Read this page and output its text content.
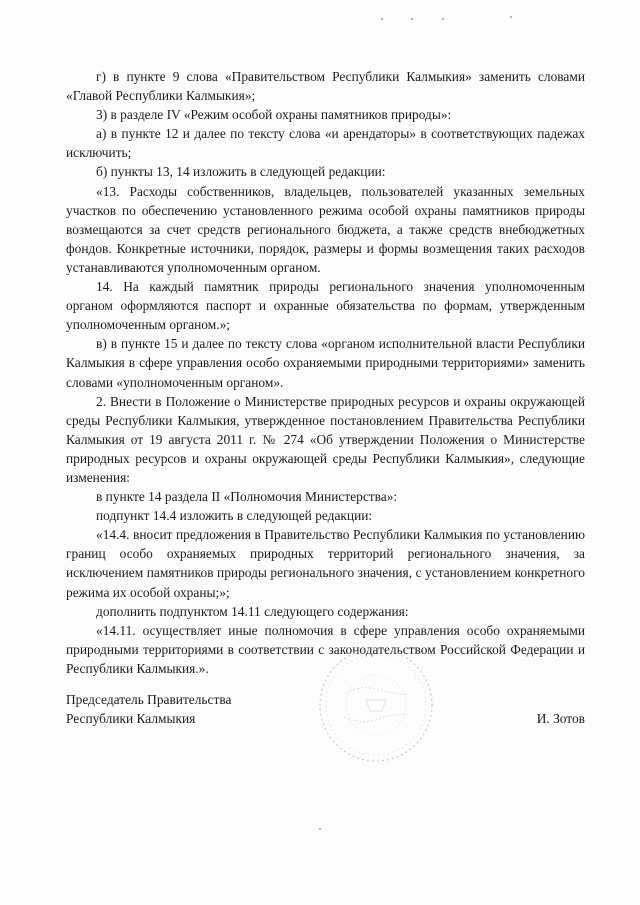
г) в пункте 9 слова «Правительством Республики Калмыкия» заменить словами «Главой Республики Калмыкия»;

3) в разделе IV «Режим особой охраны памятников природы»:

а) в пункте 12 и далее по тексту слова «и арендаторы» в соответствующих падежах исключить;

б) пункты 13, 14 изложить в следующей редакции:

«13. Расходы собственников, владельцев, пользователей указанных земельных участков по обеспечению установленного режима особой охраны памятников природы возмещаются за счет средств регионального бюджета, а также средств внебюджетных фондов. Конкретные источники, порядок, размеры и формы возмещения таких расходов устанавливаются уполномоченным органом.

14. На каждый памятник природы регионального значения уполномоченным органом оформляются паспорт и охранные обязательства по формам, утвержденным уполномоченным органом.»;

в) в пункте 15 и далее по тексту слова «органом исполнительной власти Республики Калмыкия в сфере управления особо охраняемыми природными территориями» заменить словами «уполномоченным органом».

2. Внести в Положение о Министерстве природных ресурсов и охраны окружающей среды Республики Калмыкия, утвержденное постановлением Правительства Республики Калмыкия от 19 августа 2011 г. № 274 «Об утверждении Положения о Министерстве природных ресурсов и охраны окружающей среды Республики Калмыкия», следующие изменения:

в пункте 14 раздела II «Полномочия Министерства»:

подпункт 14.4 изложить в следующей редакции:

«14.4. вносит предложения в Правительство Республики Калмыкия по установлению границ особо охраняемых природных территорий регионального значения, за исключением памятников природы регионального значения, с установлением конкретного режима их особой охраны;»;

дополнить подпунктом 14.11 следующего содержания:

«14.11. осуществляет иные полномочия в сфере управления особо охраняемыми природными территориями в соответствии с законодательством Российской Федерации и Республики Калмыкия.».

Председатель Правительства
Республики Калмыкия	И. Зотов
